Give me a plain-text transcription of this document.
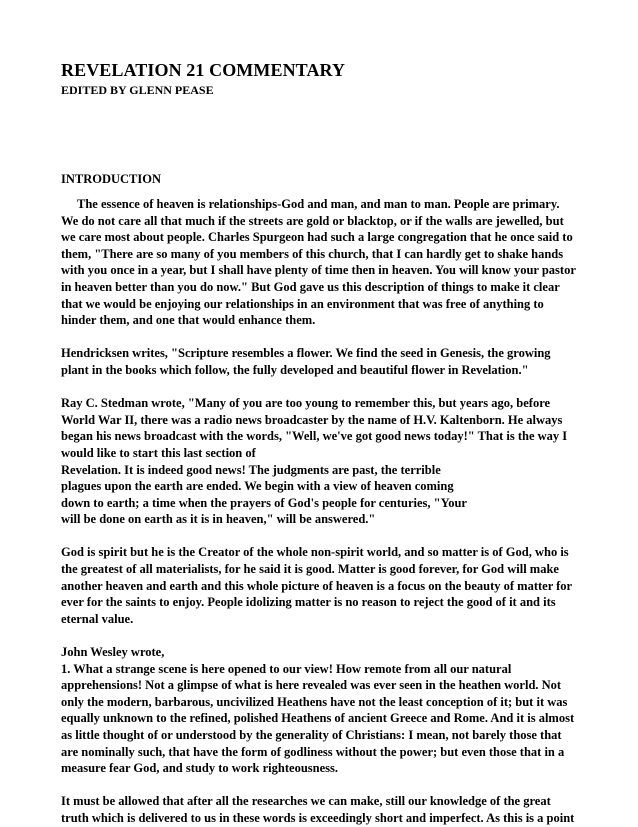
REVELATION 21 COMMENTARY
EDITED BY GLENN PEASE
INTRODUCTION
The essence of heaven is relationships-God and man, and man to man. People are primary.
We do not care all that much if the streets are gold or blacktop, or if the walls are jewelled, but
we care most about people. Charles Spurgeon had such a large congregation that he once said to
them, "There are so many of you members of this church, that I can hardly get to shake hands
with you once in a year, but I shall have plenty of time then in heaven. You will know your pastor
in heaven better than you do now." But God gave us this description of things to make it clear
that we would be enjoying our relationships in an environment that was free of anything to
hinder them, and one that would enhance them.
Hendricksen writes, "Scripture resembles a flower. We find the seed in Genesis, the growing
plant in the books which follow, the fully developed and beautiful flower in Revelation."
Ray C. Stedman wrote, "Many of you are too young to remember this, but years ago, before
World War II, there was a radio news broadcaster by the name of H.V. Kaltenborn. He always
began his news broadcast with the words, "Well, we've got good news today!" That is the way I
would like to start this last section of
Revelation. It is indeed good news! The judgments are past, the terrible
plagues upon the earth are ended. We begin with a view of heaven coming
down to earth; a time when the prayers of God's people for centuries, "Your
will be done on earth as it is in heaven," will be answered."
God is spirit but he is the Creator of the whole non-spirit world, and so matter is of God, who is
the greatest of all materialists, for he said it is good. Matter is good forever, for God will make
another heaven and earth and this whole picture of heaven is a focus on the beauty of matter for
ever for the saints to enjoy. People idolizing matter is no reason to reject the good of it and its
eternal value.
John Wesley wrote,
1. What a strange scene is here opened to our view! How remote from all our natural
apprehensions! Not a glimpse of what is here revealed was ever seen in the heathen world. Not
only the modern, barbarous, uncivilized Heathens have not the least conception of it; but it was
equally unknown to the refined, polished Heathens of ancient Greece and Rome. And it is almost
as little thought of or understood by the generality of Christians: I mean, not barely those that
are nominally such, that have the form of godliness without the power; but even those that in a
measure fear God, and study to work righteousness.
It must be allowed that after all the researches we can make, still our knowledge of the great
truth which is delivered to us in these words is exceedingly short and imperfect. As this is a point
